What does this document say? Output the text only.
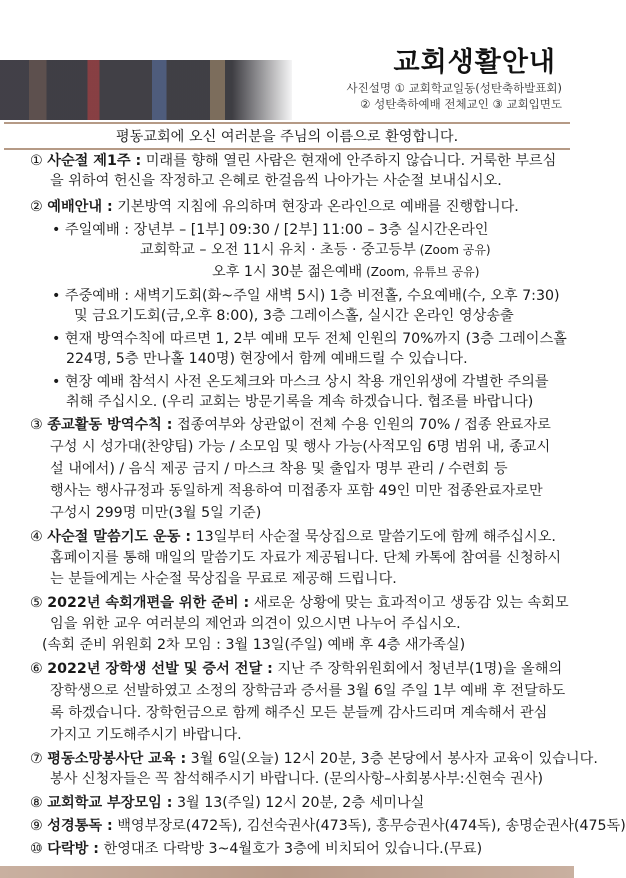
교회생활안내
사진설명 ① 교회학교일동(성탄축하발표회)
② 성탄축하예배 전체교인 ③ 교회입면도
평동교회에 오신 여러분을 주님의 이름으로 환영합니다.
① 사순절 제1주 : 미래를 향해 열린 사람은 현재에 안주하지 않습니다. 거룩한 부르심
을 위하여 헌신을 작정하고 은혜로 한걸음씩 나아가는 사순절 보내십시오.
② 예배안내 : 기본방역 지침에 유의하며 현장과 온라인으로 예배를 진행합니다.
• 주일예배 : 장년부 – [1부] 09:30 / [2부] 11:00 – 3층 실시간온라인
교회학교 – 오전 11시 유치 · 초등 · 중고등부 (Zoom 공유)
오후 1시 30분 젊은예배 (Zoom, 유튜브 공유)
• 주중예배 : 새벽기도회(화~주일 새벽 5시) 1층 비전홀, 수요예배(수, 오후 7:30)
및 금요기도회(금,오후 8:00), 3층 그레이스홀, 실시간 온라인 영상송출
• 현재 방역수칙에 따르면 1, 2부 예배 모두 전체 인원의 70%까지 (3층 그레이스홀
224명, 5층 만나홀 140명) 현장에서 함께 예배드릴 수 있습니다.
• 현장 예배 참석시 사전 온도체크와 마스크 상시 착용 개인위생에 각별한 주의를
취해 주십시오. (우리 교회는 방문기록을 계속 하겠습니다. 협조를 바랍니다)
③ 종교활동 방역수칙 : 접종여부와 상관없이 전체 수용 인원의 70% / 접종 완료자로
구성 시 성가대(찬양팀) 가능 / 소모임 및 행사 가능(사적모임 6명 범위 내, 종교시
설 내에서) / 음식 제공 금지 / 마스크 착용 및 출입자 명부 관리 / 수련회 등
행사는 행사규정과 동일하게 적용하여 미접종자 포함 49인 미만 접종완료자로만
구성시 299명 미만(3월 5일 기준)
④ 사순절 말씀기도 운동 : 13일부터 사순절 묵상집으로 말씀기도에 함께 해주십시오.
홈페이지를 통해 매일의 말씀기도 자료가 제공됩니다. 단체 카톡에 참여를 신청하시
는 분들에게는 사순절 묵상집을 무료로 제공해 드립니다.
⑤ 2022년 속회개편을 위한 준비 : 새로운 상황에 맞는 효과적이고 생동감 있는 속회모
임을 위한 교우 여러분의 제언과 의견이 있으시면 나누어 주십시오.
(속회 준비 위원회 2차 모임 : 3월 13일(주일) 예배 후 4층 새가족실)
⑥ 2022년 장학생 선발 및 증서 전달 : 지난 주 장학위원회에서 청년부(1명)을 올해의
장학생으로 선발하였고 소정의 장학금과 증서를 3월 6일 주일 1부 예배 후 전달하도
록 하겠습니다. 장학헌금으로 함께 해주신 모든 분들께 감사드리며 계속해서 관심
가지고 기도해주시기 바랍니다.
⑦ 평동소망봉사단 교육 : 3월 6일(오늘) 12시 20분, 3층 본당에서 봉사자 교육이 있습니다.
봉사 신청자들은 꼭 참석해주시기 바랍니다. (문의사항–사회봉사부:신현숙 권사)
⑧ 교회학교 부장모임 : 3월 13(주일) 12시 20분, 2층 세미나실
⑨ 성경통독 : 백영부장로(472독), 김선숙권사(473독), 홍무승권사(474독), 송명순권사(475독)
⑩ 다락방 : 한영대조 다락방 3~4월호가 3층에 비치되어 있습니다.(무료)
